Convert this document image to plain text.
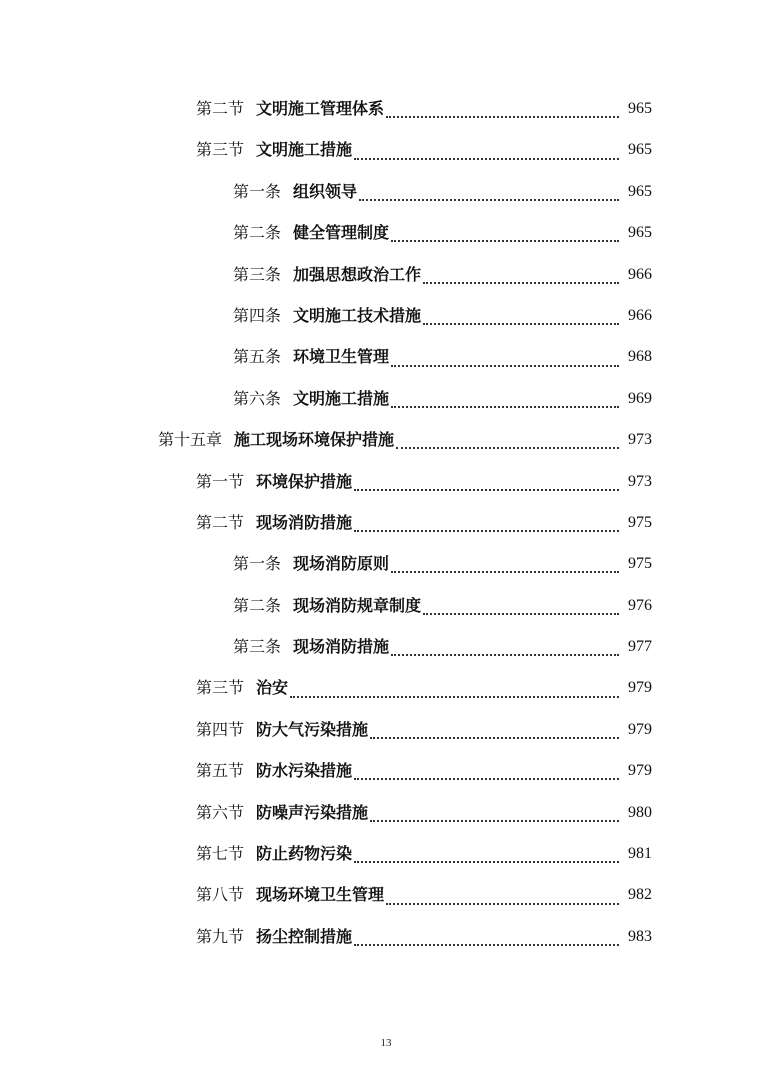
第二节 文明施工管理体系	965
第三节 文明施工措施	965
第一条 组织领导	965
第二条 健全管理制度	965
第三条 加强思想政治工作	966
第四条 文明施工技术措施	966
第五条 环境卫生管理	968
第六条 文明施工措施	969
第十五章 施工现场环境保护措施	973
第一节 环境保护措施	973
第二节 现场消防措施	975
第一条 现场消防原则	975
第二条 现场消防规章制度	976
第三条 现场消防措施	977
第三节 治安	979
第四节 防大气污染措施	979
第五节 防水污染措施	979
第六节 防噪声污染措施	980
第七节 防止药物污染	981
第八节 现场环境卫生管理	982
第九节 扬尘控制措施	983
13
